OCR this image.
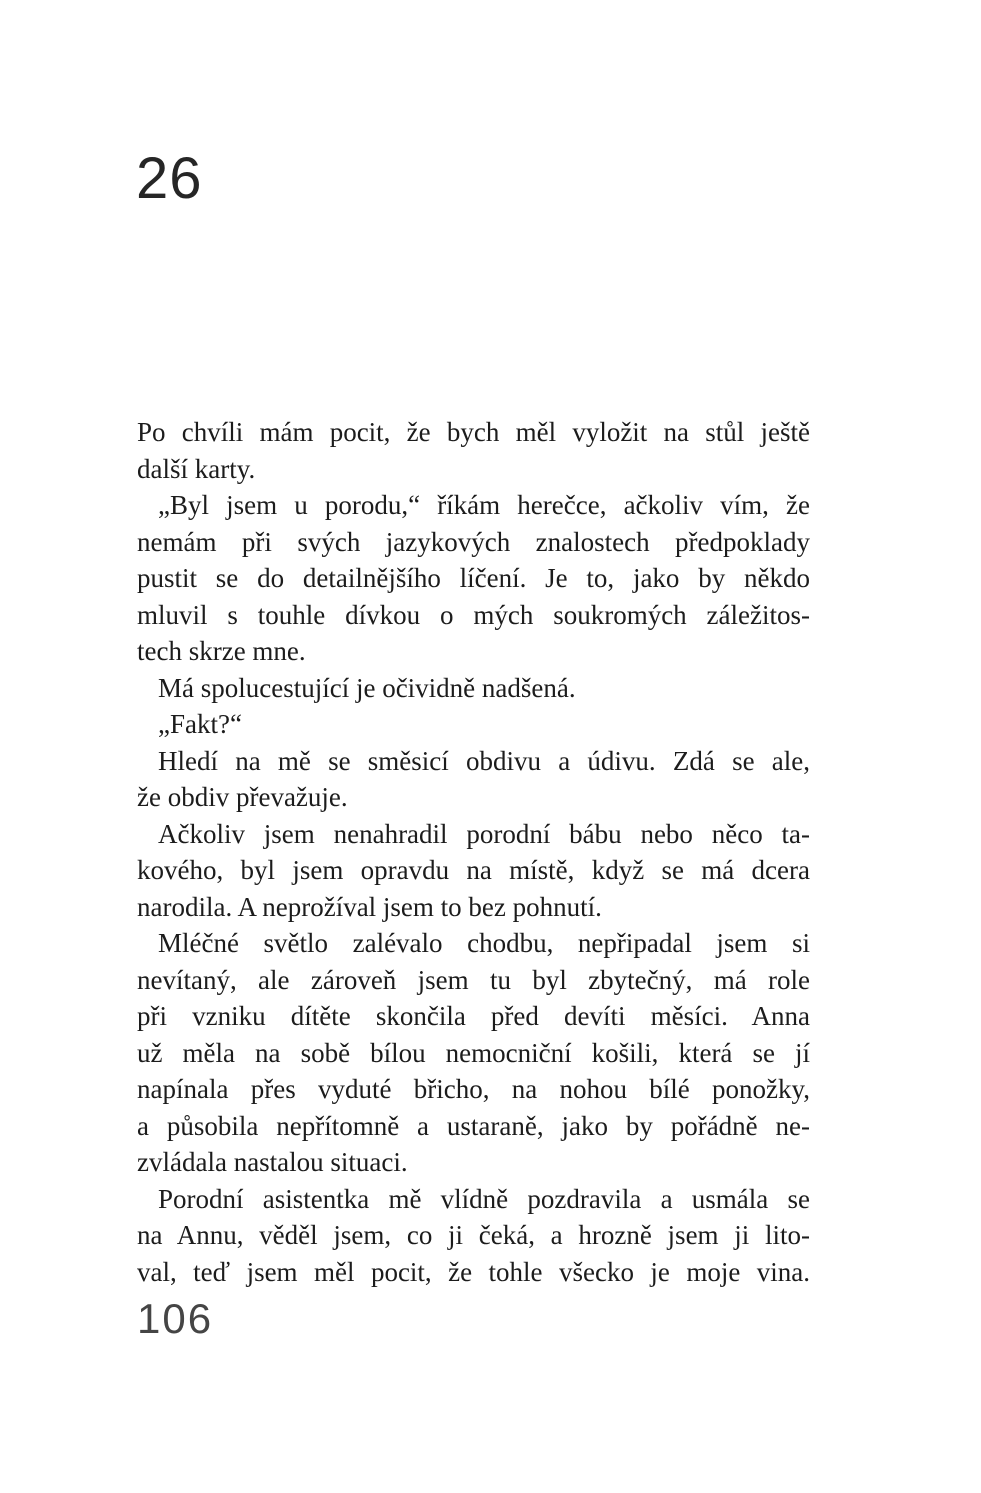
26
Po chvíli mám pocit, že bych měl vyložit na stůl ještě
další karty.
„Byl jsem u porodu,“ říkám herečce, ačkoliv vím, že
nemám při svých jazykových znalostech předpoklady
pustit se do detailnějšího líčení. Je to, jako by někdo
mluvil s touhle dívkou o mých soukromých záležitos-
tech skrze mne.
Má spolucestující je očividně nadšená.
„Fakt?“
Hledí na mě se směsicí obdivu a údivu. Zdá se ale,
že obdiv převažuje.
Ačkoliv jsem nenahradil porodní bábu nebo něco ta-
kového, byl jsem opravdu na místě, když se má dcera
narodila. A neprožíval jsem to bez pohnutí.
Mléčné světlo zalévalo chodbu, nepřipadal jsem si
nevítaný, ale zároveň jsem tu byl zbytečný, má role
při vzniku dítěte skončila před devíti měsíci. Anna
už měla na sobě bílou nemocniční košili, která se jí
napínala přes vyduté břicho, na nohou bílé ponožky,
a působila nepřítomně a ustaraně, jako by pořádně ne-
zvládala nastalou situaci.
Porodní asistentka mě vlídně pozdravila a usmála se
na Annu, věděl jsem, co ji čeká, a hrozně jsem ji lito-
val, teď jsem měl pocit, že tohle všecko je moje vina.
106
